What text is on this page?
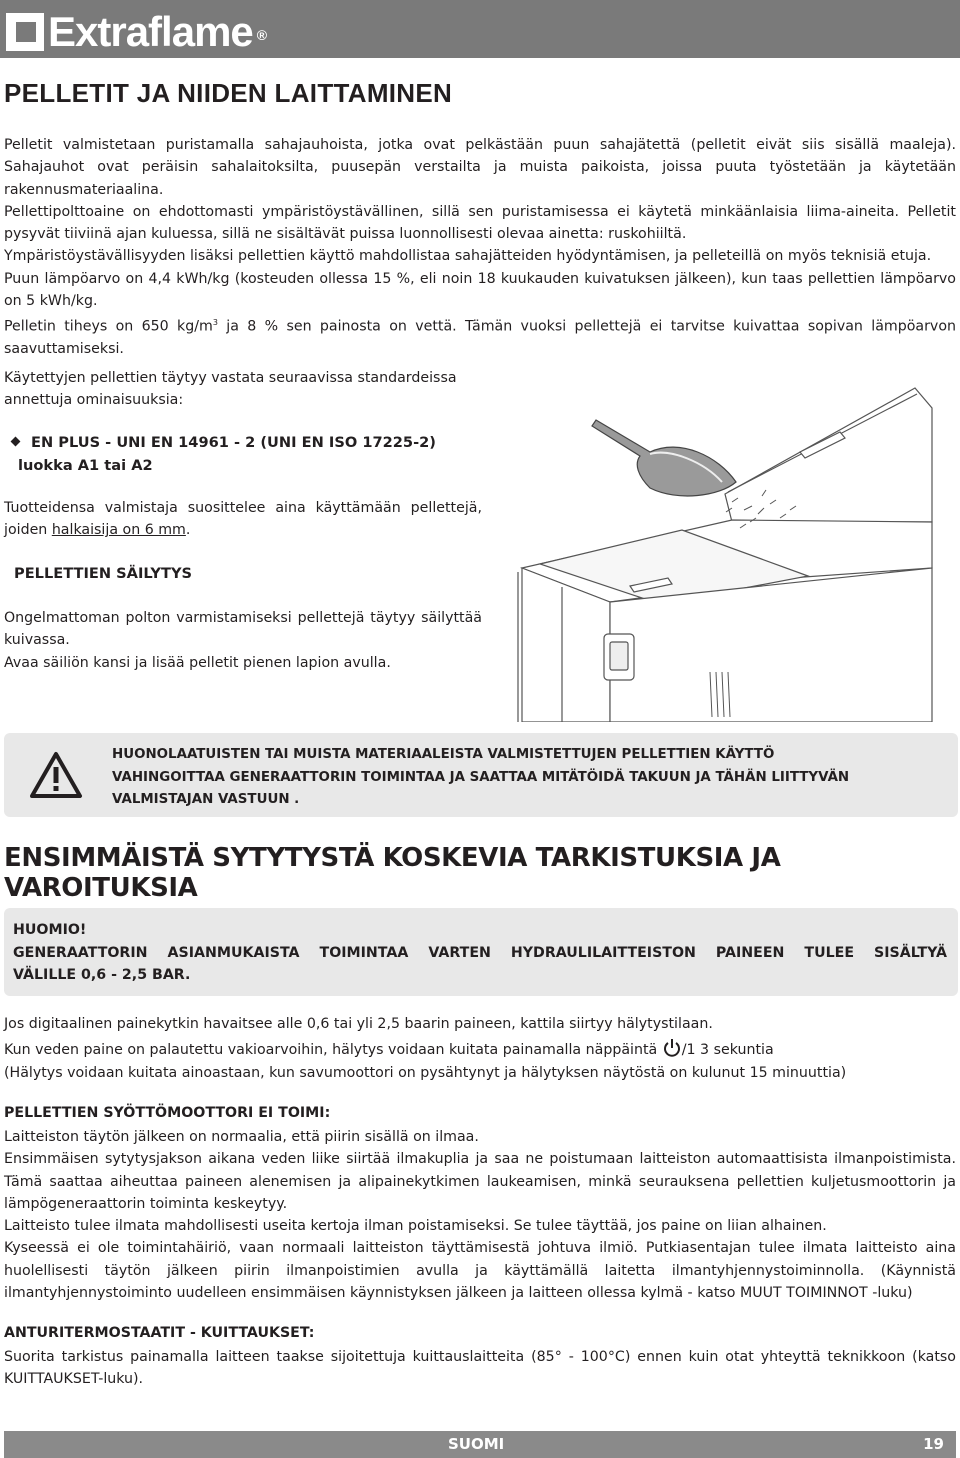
Extraflame ®
PELLETIT JA NIIDEN LAITTAMINEN

Pelletit valmistetaan puristamalla sahajauhoista, jotka ovat pelkästään puun sahajätettä (pelletit eivät siis sisällä maaleja). Sahajauhot ovat peräisin sahalaitoksilta, puusepän verstailta ja muista paikoista, joissa puuta työstetään ja käytetään rakennusmateriaalina.

Pellettipolttoaine on ehdottomasti ympäristöystävällinen, sillä sen puristamisessa ei käytetä minkäänlaisia liima-aineita. Pelletit pysyvät tiiviinä ajan kuluessa, sillä ne sisältävät puissa luonnollisesti olevaa ainetta: ruskohiiltä.

Ympäristöystävällisyyden lisäksi pellettien käyttö mahdollistaa sahajätteiden hyödyntämisen, ja pelleteillä on myös teknisiä etuja.

Puun lämpöarvo on 4,4 kWh/kg (kosteuden ollessa 15 %, eli noin 18 kuukauden kuivatuksen jälkeen), kun taas pellettien lämpöarvo on 5 kWh/kg.

Pelletin tiheys on 650 $kg/m^3$ ja 8 % sen painosta on vettä. Tämän vuoksi pellettejä ei tarvitse kuivattaa sopivan lämpöarvon saavuttamiseksi.

Käytettyjen pellettien täytyy vastata seuraavissa standardeissa annettuja ominaisuuksia:
EN PLUS - UNI EN 14961 - 2 (UNI EN ISO 17225-2)
luokka A1 tai A2
Tuotteidensa valmistaja suosittelee aina käyttämään pellettejä, joiden halkaisija on 6 mm.
PELLETTIEN SÄILYTYS

Ongelmattoman polton varmistamiseksi pellettejä täytyy säilyttää kuivassa.

Avaa säiliön kansi ja lisää pelletit pienen lapion avulla.

HUONOLAATUISTEN TAI MUISTA MATERIAALEISTA VALMISTETTUJEN PELLETTIEN KÄYTTÖ
VAHINGOITTAA GENERAATTORIN TOIMINTAA JA SAATTAA MITÄTÖIDÄ TAKUUN JA TÄHÄN LIITTYVÄN
VALMISTAJAN VASTUUN .
ENSIMMÄISTÄ SYTYTYSTÄ KOSKEVIA TARKISTUKSIA JA VAROITUKSIA
HUOMIO!
GENERAATTORIN ASIANMUKAISTA TOIMINTAA VARTEN HYDRAULILAITTEISTON PAINEEN TULEE SISÄLTYÄ
VÄLILLE 0,6 - 2,5 BAR.

Jos digitaalinen painekytkin havaitsee alle 0,6 tai yli 2,5 baarin paineen, kattila siirtyy hälytystilaan.

Kun veden paine on palautettu vakioarvoihin, hälytys voidaan kuitata painamalla näppäintä /1 3 sekuntia

(Hälytys voidaan kuitata ainoastaan, kun savumoottori on pysähtynyt ja hälytyksen näytöstä on kulunut 15 minuuttia)

PELLETTIEN SYÖTTÖMOOTTORI EI TOIMI:

Laitteiston täytön jälkeen on normaalia, että piirin sisällä on ilmaa.

Ensimmäisen sytytysjakson aikana veden liike siirtää ilmakuplia ja saa ne poistumaan laitteiston automaattisista ilmanpoistimista. Tämä saattaa aiheuttaa paineen alenemisen ja alipainekytkimen laukeamisen, minkä seurauksena pellettien kuljetusmoottorin ja lämpögeneraattorin toiminta keskeytyy.

Laitteisto tulee ilmata mahdollisesti useita kertoja ilman poistamiseksi. Se tulee täyttää, jos paine on liian alhainen.

Kyseessä ei ole toimintahäiriö, vaan normaali laitteiston täyttämisestä johtuva ilmiö. Putkiasentajan tulee ilmata laitteisto aina huolellisesti täytön jälkeen piirin ilmanpoistimien avulla ja käyttämällä laitetta ilmantyhjennystoiminnolla. (Käynnistä ilmantyhjennystoiminto uudelleen ensimmäisen käynnistyksen jälkeen ja laitteen ollessa kylmä - katso MUUT TOIMINNOT -luku)

ANTURITERMOSTAATIT - KUITTAUKSET:
Suorita tarkistus painamalla laitteen taakse sijoitettuja kuittauslaitteita (85° - 100°C) ennen kuin otat yhteyttä teknikkoon (katso KUITTAUKSET-luku).
SUOMI	19
